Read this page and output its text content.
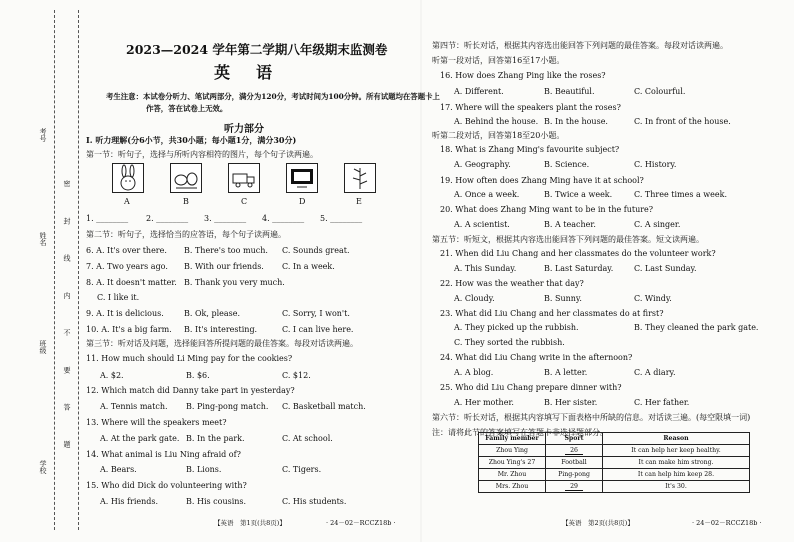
考号
姓名
班级
学校
密 封 线 内 不 要 答 题
2023—2024 学年第二学期八年级期末监测卷
英语
考生注意：本试卷分听力、笔试两部分，满分为120分，考试时间为100分钟。所有试题均在答题卡上
作答，答在试卷上无效。
听力部分
I. 听力理解(分6小节，共30小题；每小题1分，满分30分)
第一节：听句子，选择与所听内容相符的图片，每个句子读两遍。
A	B	C	D	E
1. ________ 2. ________ 3. ________ 4. ________ 5. ________
第二节：听句子，选择恰当的应答语，每个句子读两遍。
6. A. It's over there. B. There's too much. C. Sounds great.
7. A. Two years ago. B. With our friends. C. In a week.
8. A. It doesn't matter. B. Thank you very much.
C. I like it.
9. A. It is delicious.	B. Ok, please.	C. Sorry, I won't.
10. A. It's a big farm. B. It's interesting.	C. I can live here.
第三节：听对话及问题，选择能回答所提问题的最佳答案。每段对话读两遍。
11. How much should Li Ming pay for the cookies?
A. $2.	B. $6.	C. $12.
12. Which match did Danny take part in yesterday?
A. Tennis match. B. Ping-pong match. C. Basketball match.
13. Where will the speakers meet?
A. At the park gate. B. In the park.	C. At school.
14. What animal is Liu Ning afraid of?
A. Bears.	B. Lions.	C. Tigers.
15. Who did Dick do volunteering with?
A. His friends.	B. His cousins.	C. His students.
【英语　第1页(共8页)】	· 24－02－RCCZ18b ·
第四节：听长对话，根据其内容选出能回答下列问题的最佳答案。每段对话读两遍。
听第一段对话，回答第16至17小题。
16. How does Zhang Ping like the roses?
A. Different.	B. Beautiful.	C. Colourful.
17. Where will the speakers plant the roses?
A. Behind the house. B. In the house.	C. In front of the house.
听第二段对话，回答第18至20小题。
18. What is Zhang Ming's favourite subject?
A. Geography.	B. Science.	C. History.
19. How often does Zhang Ming have it at school?
A. Once a week.	B. Twice a week.	C. Three times a week.
20. What does Zhang Ming want to be in the future?
A. A scientist.	B. A teacher.	C. A singer.
第五节：听短文，根据其内容选出能回答下列问题的最佳答案。短文读两遍。
21. When did Liu Chang and her classmates do the volunteer work?
A. This Sunday.	B. Last Saturday.	C. Last Sunday.
22. How was the weather that day?
A. Cloudy.	B. Sunny.	C. Windy.
23. What did Liu Chang and her classmates do at first?
A. They picked up the rubbish.	B. They cleaned the park gate.
C. They sorted the rubbish.
24. What did Liu Chang write in the afternoon?
A. A blog.	B. A letter.	C. A diary.
25. Who did Liu Chang prepare dinner with?
A. Her mother.	B. Her sister.	C. Her father.
第六节：听长对话，根据其内容填写下面表格中所缺的信息。对话读三遍。(每空限填一词)
注：请将此节的答案填写在答题卡非选择题部分。
Family member	Sport	Reason
Zhou Ying	26	It can help her keep healthy.
Zhou Ying's 27	Football	It can make him strong.
Mr. Zhou	Ping-pong	It can help him keep 28.
Mrs. Zhou	29	It's 30.
【英语　第2页(共8页)】	· 24－02－RCCZ18b ·
